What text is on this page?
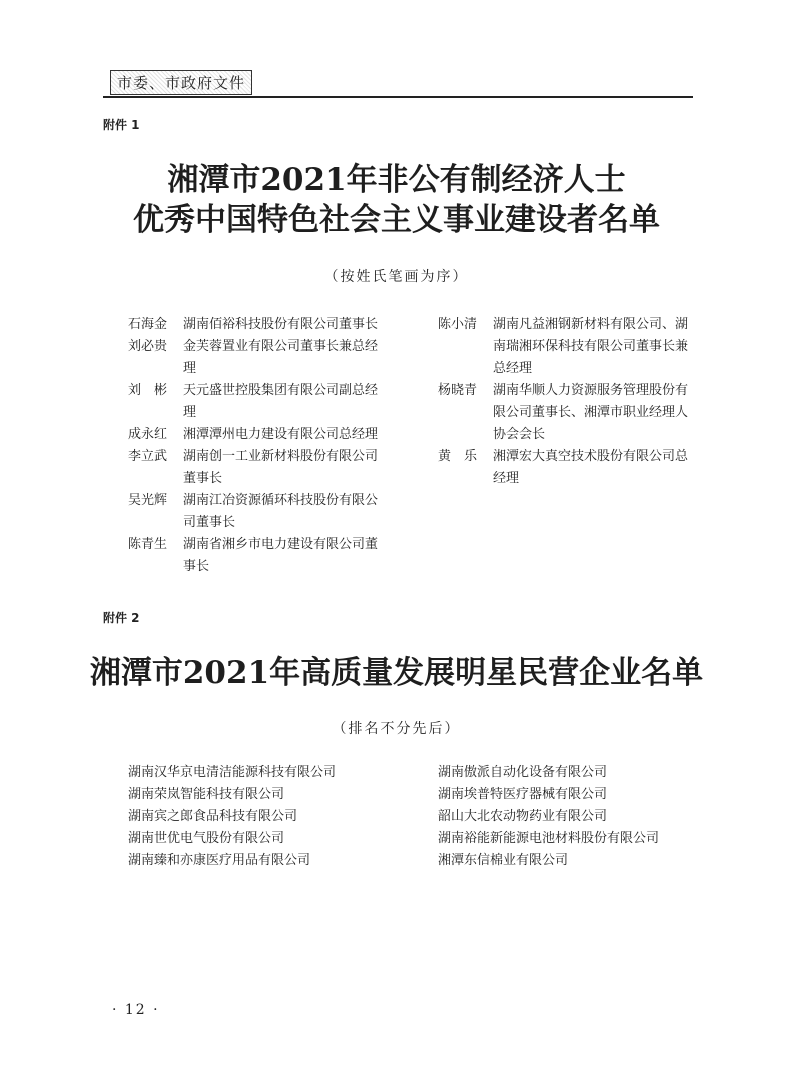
市委、市政府文件
附件 1
湘潭市2021年非公有制经济人士
优秀中国特色社会主义事业建设者名单
（按姓氏笔画为序）
石海金	湖南佰裕科技股份有限公司董事长
刘必贵	金芙蓉置业有限公司董事长兼总经理
刘　彬	天元盛世控股集团有限公司副总经理
成永红	湘潭潭州电力建设有限公司总经理
李立武	湖南创一工业新材料股份有限公司董事长
吴光辉	湖南江冶资源循环科技股份有限公司董事长
陈青生	湖南省湘乡市电力建设有限公司董事长
陈小清	湖南凡益湘钢新材料有限公司、湖南瑞湘环保科技有限公司董事长兼总经理
杨晓青	湖南华顺人力资源服务管理股份有限公司董事长、湘潭市职业经理人协会会长
黄　乐	湘潭宏大真空技术股份有限公司总经理
附件 2
湘潭市2021年高质量发展明星民营企业名单
（排名不分先后）
湖南汉华京电清洁能源科技有限公司
湖南荣岚智能科技有限公司
湖南宾之郎食品科技有限公司
湖南世优电气股份有限公司
湖南臻和亦康医疗用品有限公司
湖南傲派自动化设备有限公司
湖南埃普特医疗器械有限公司
韶山大北农动物药业有限公司
湖南裕能新能源电池材料股份有限公司
湘潭东信棉业有限公司
· 12 ·
